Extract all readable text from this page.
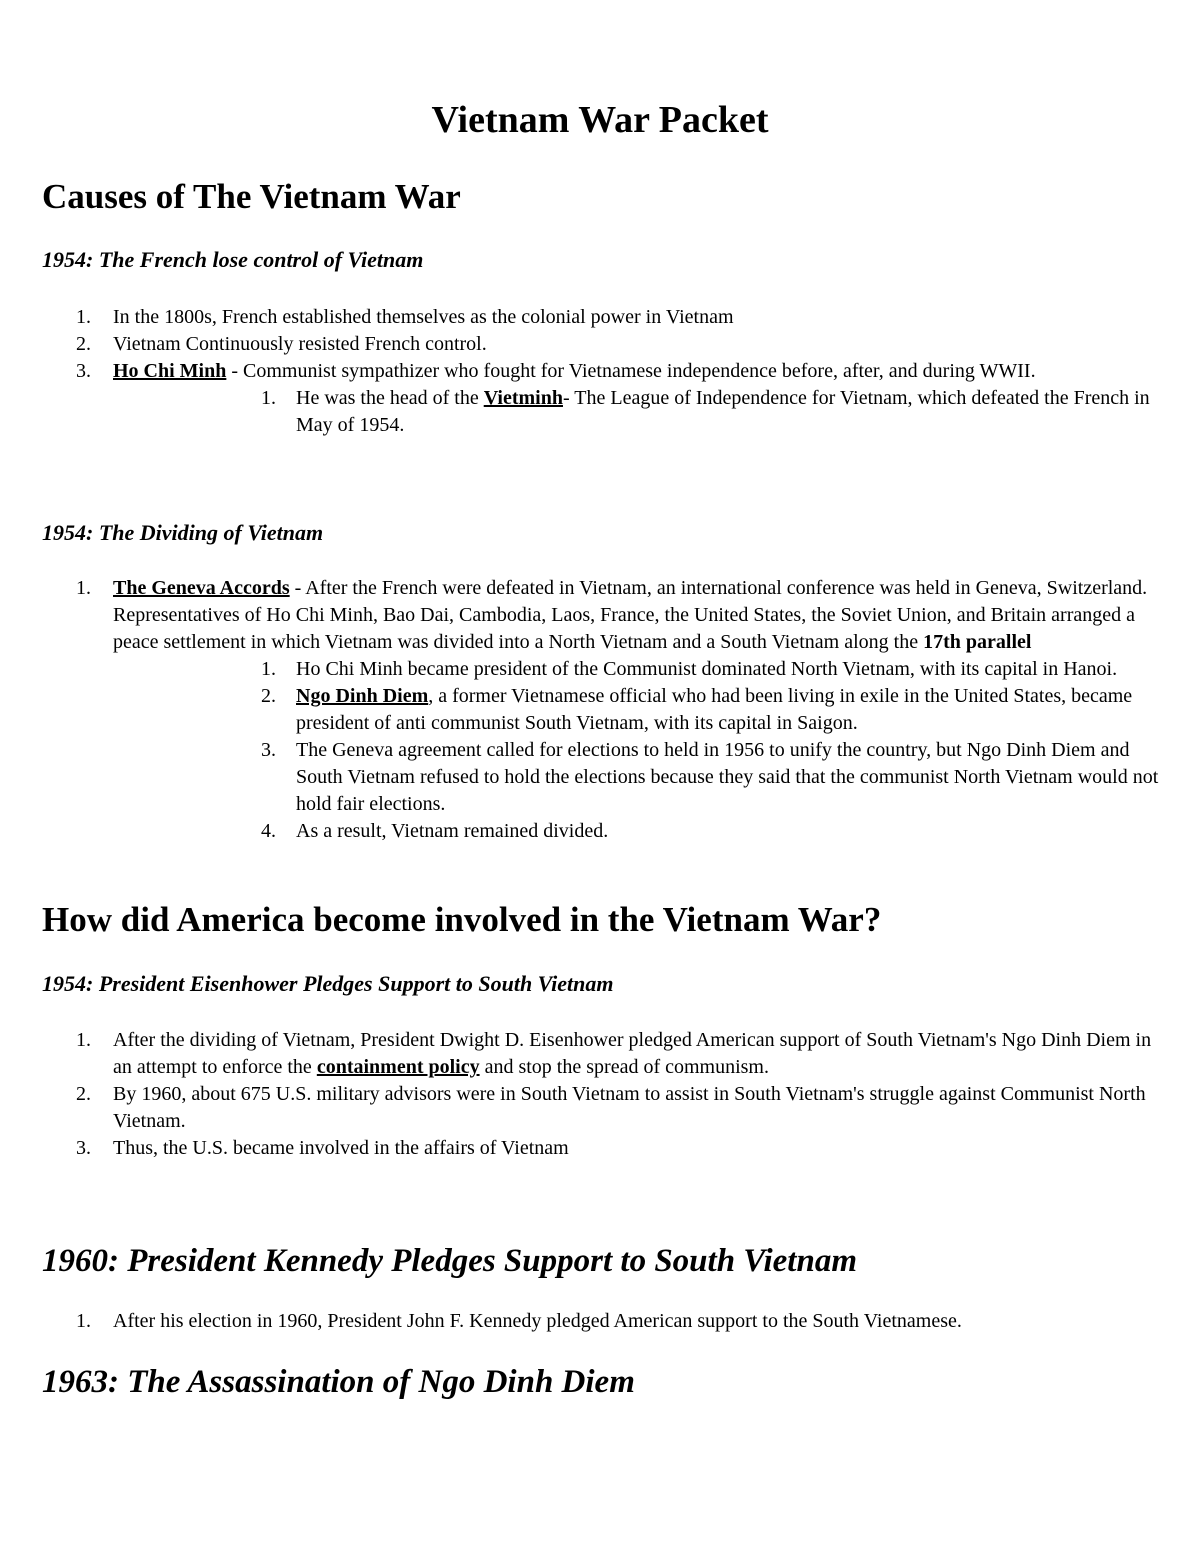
Vietnam War Packet
Causes of The Vietnam War
1954: The French lose control of Vietnam
1.	In the 1800s, French established themselves as the colonial power in Vietnam
2.	Vietnam Continuously resisted French control.
3.	Ho Chi Minh - Communist sympathizer who fought for Vietnamese independence before, after, and during WWII.
1.	He was the head of the Vietminh- The League of Independence for Vietnam, which defeated the French in May of 1954.
1954: The Dividing of Vietnam
1.	The Geneva Accords - After the French were defeated in Vietnam, an international conference was held in Geneva, Switzerland. Representatives of Ho Chi Minh, Bao Dai, Cambodia, Laos, France, the United States, the Soviet Union, and Britain arranged a peace settlement in which Vietnam was divided into a North Vietnam and a South Vietnam along the 17th parallel
1.	Ho Chi Minh became president of the Communist dominated North Vietnam, with its capital in Hanoi.
2.	Ngo Dinh Diem, a former Vietnamese official who had been living in exile in the United States, became president of anti communist South Vietnam, with its capital in Saigon.
3.	The Geneva agreement called for elections to held in 1956 to unify the country, but Ngo Dinh Diem and South Vietnam refused to hold the elections because they said that the communist North Vietnam would not hold fair elections.
4.	As a result, Vietnam remained divided.
How did America become involved in the Vietnam War?
1954: President Eisenhower Pledges Support to South Vietnam
1.	After the dividing of Vietnam, President Dwight D. Eisenhower pledged American support of South Vietnam's Ngo Dinh Diem in an attempt to enforce the containment policy and stop the spread of communism.
2.	By 1960, about 675 U.S. military advisors were in South Vietnam to assist in South Vietnam's struggle against Communist North Vietnam.
3.	Thus, the U.S. became involved in the affairs of Vietnam
1960: President Kennedy Pledges Support to South Vietnam
1.	After his election in 1960, President John F. Kennedy pledged American support to the South Vietnamese.
1963: The Assassination of Ngo Dinh Diem
